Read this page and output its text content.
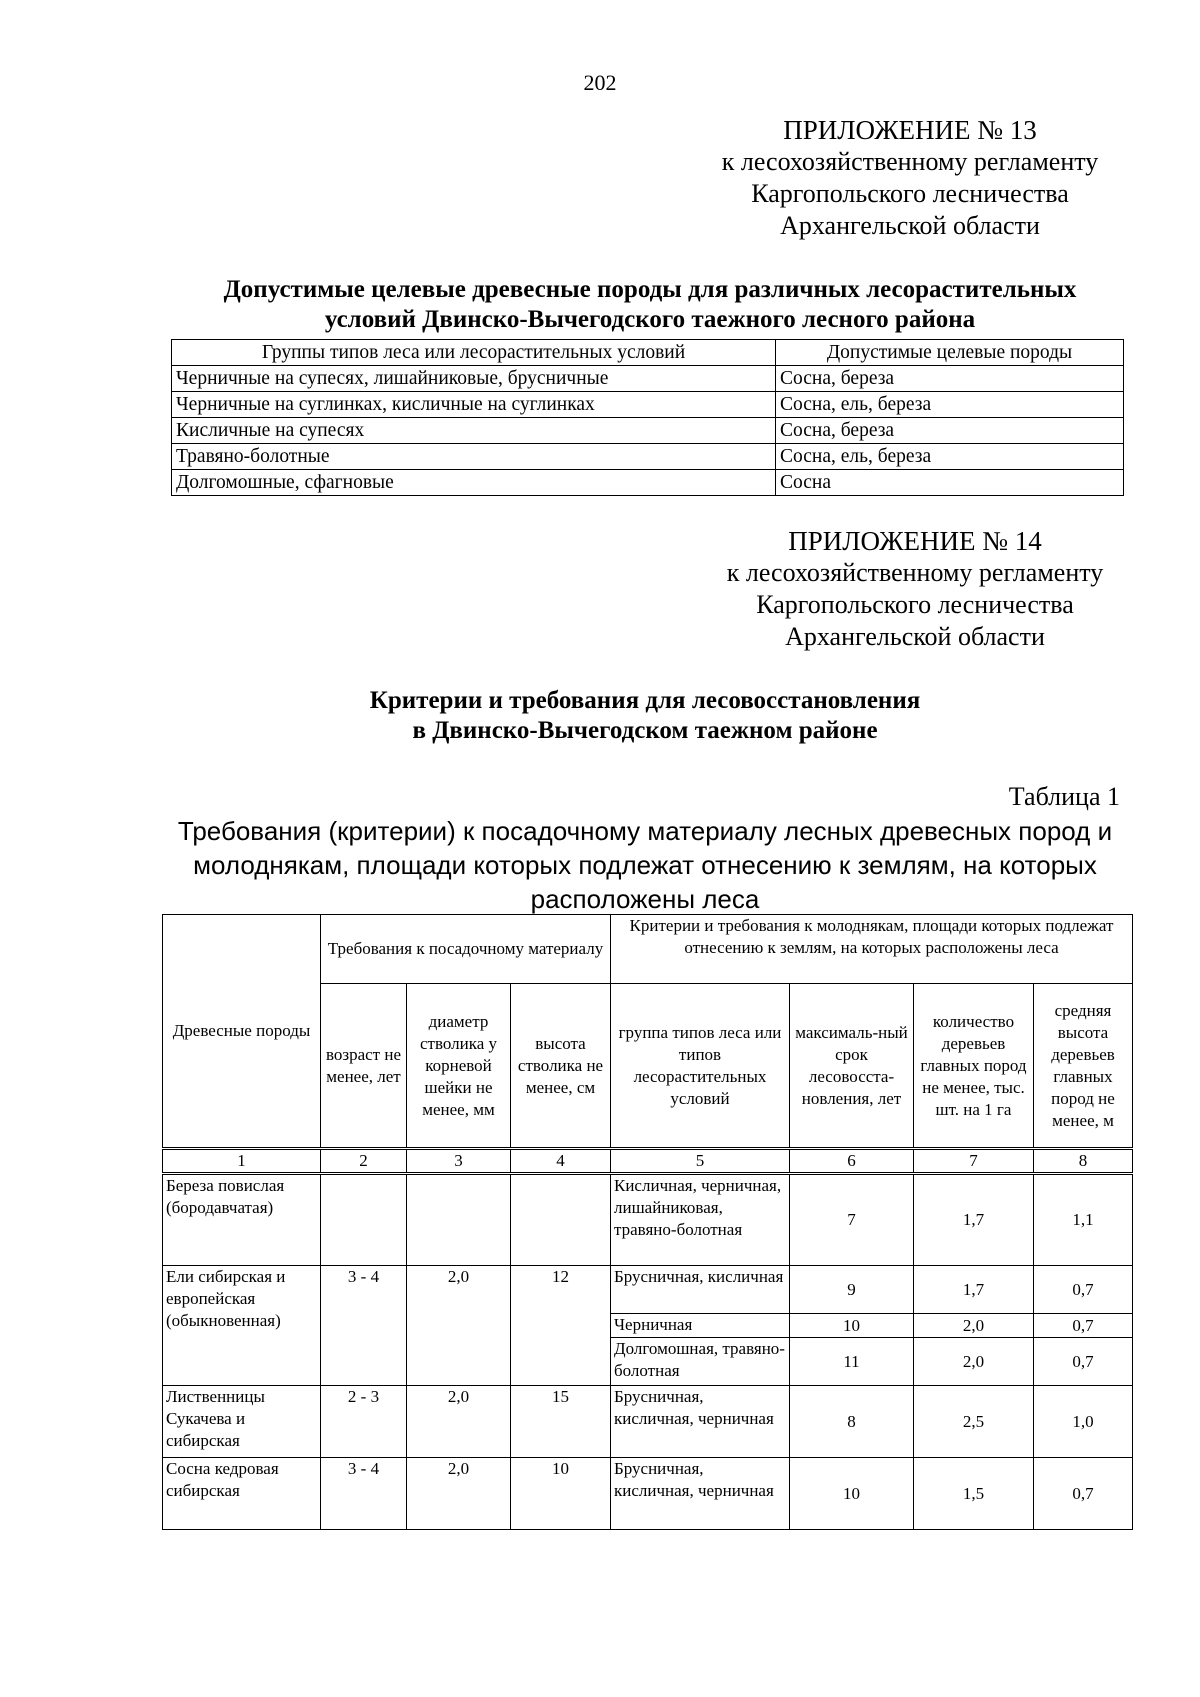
202
ПРИЛОЖЕНИЕ № 13
к лесохозяйственному регламенту
Каргопольского лесничества
Архангельской области
Допустимые целевые древесные породы для различных лесорастительных
условий Двинско-Вычегодского таежного лесного района
Группы типов леса или лесорастительных условий	Допустимые целевые породы
Черничные на супесях, лишайниковые, брусничные	Сосна, береза
Черничные на суглинках, кисличные на суглинках	Сосна, ель, береза
Кисличные на супесях	Сосна, береза
Травяно-болотные	Сосна, ель, береза
Долгомошные, сфагновые	Сосна
ПРИЛОЖЕНИЕ № 14
к лесохозяйственному регламенту
Каргопольского лесничества
Архангельской области
Критерии и требования для лесовосстановления
в Двинско-Вычегодском таежном районе
Таблица 1
Требования (критерии) к посадочному материалу лесных древесных пород и
молоднякам, площади которых подлежат отнесению к землям, на которых
расположены леса
Древесные породы	Требования к посадочному материалу			Критерии и требования к молоднякам, площади которых подлежат отнесению к землям, на которых расположены леса			
	возраст не менее, лет	диаметр стволика у корневой шейки не менее, мм	высота стволика не менее, см	группа типов леса или типов лесорастительных условий	максималь-ный срок лесовосста-новления, лет	количество деревьев главных пород не менее, тыс. шт. на 1 га	средняя высота деревьев главных пород не менее, м
1	2	3	4	5	6	7	8
Береза повислая (бородавчатая)				Кисличная, черничная, лишайниковая, травяно-болотная	7	1,7	1,1
Ели сибирская и европейская (обыкновенная)	3 - 4	2,0	12	Брусничная, кисличная	9	1,7	0,7
				Черничная	10	2,0	0,7
				Долгомошная, травяно-болотная	11	2,0	0,7
Лиственницы Сукачева и сибирская	2 - 3	2,0	15	Брусничная, кисличная, черничная	8	2,5	1,0
Сосна кедровая сибирская	3 - 4	2,0	10	Брусничная, кисличная, черничная	10	1,5	0,7
